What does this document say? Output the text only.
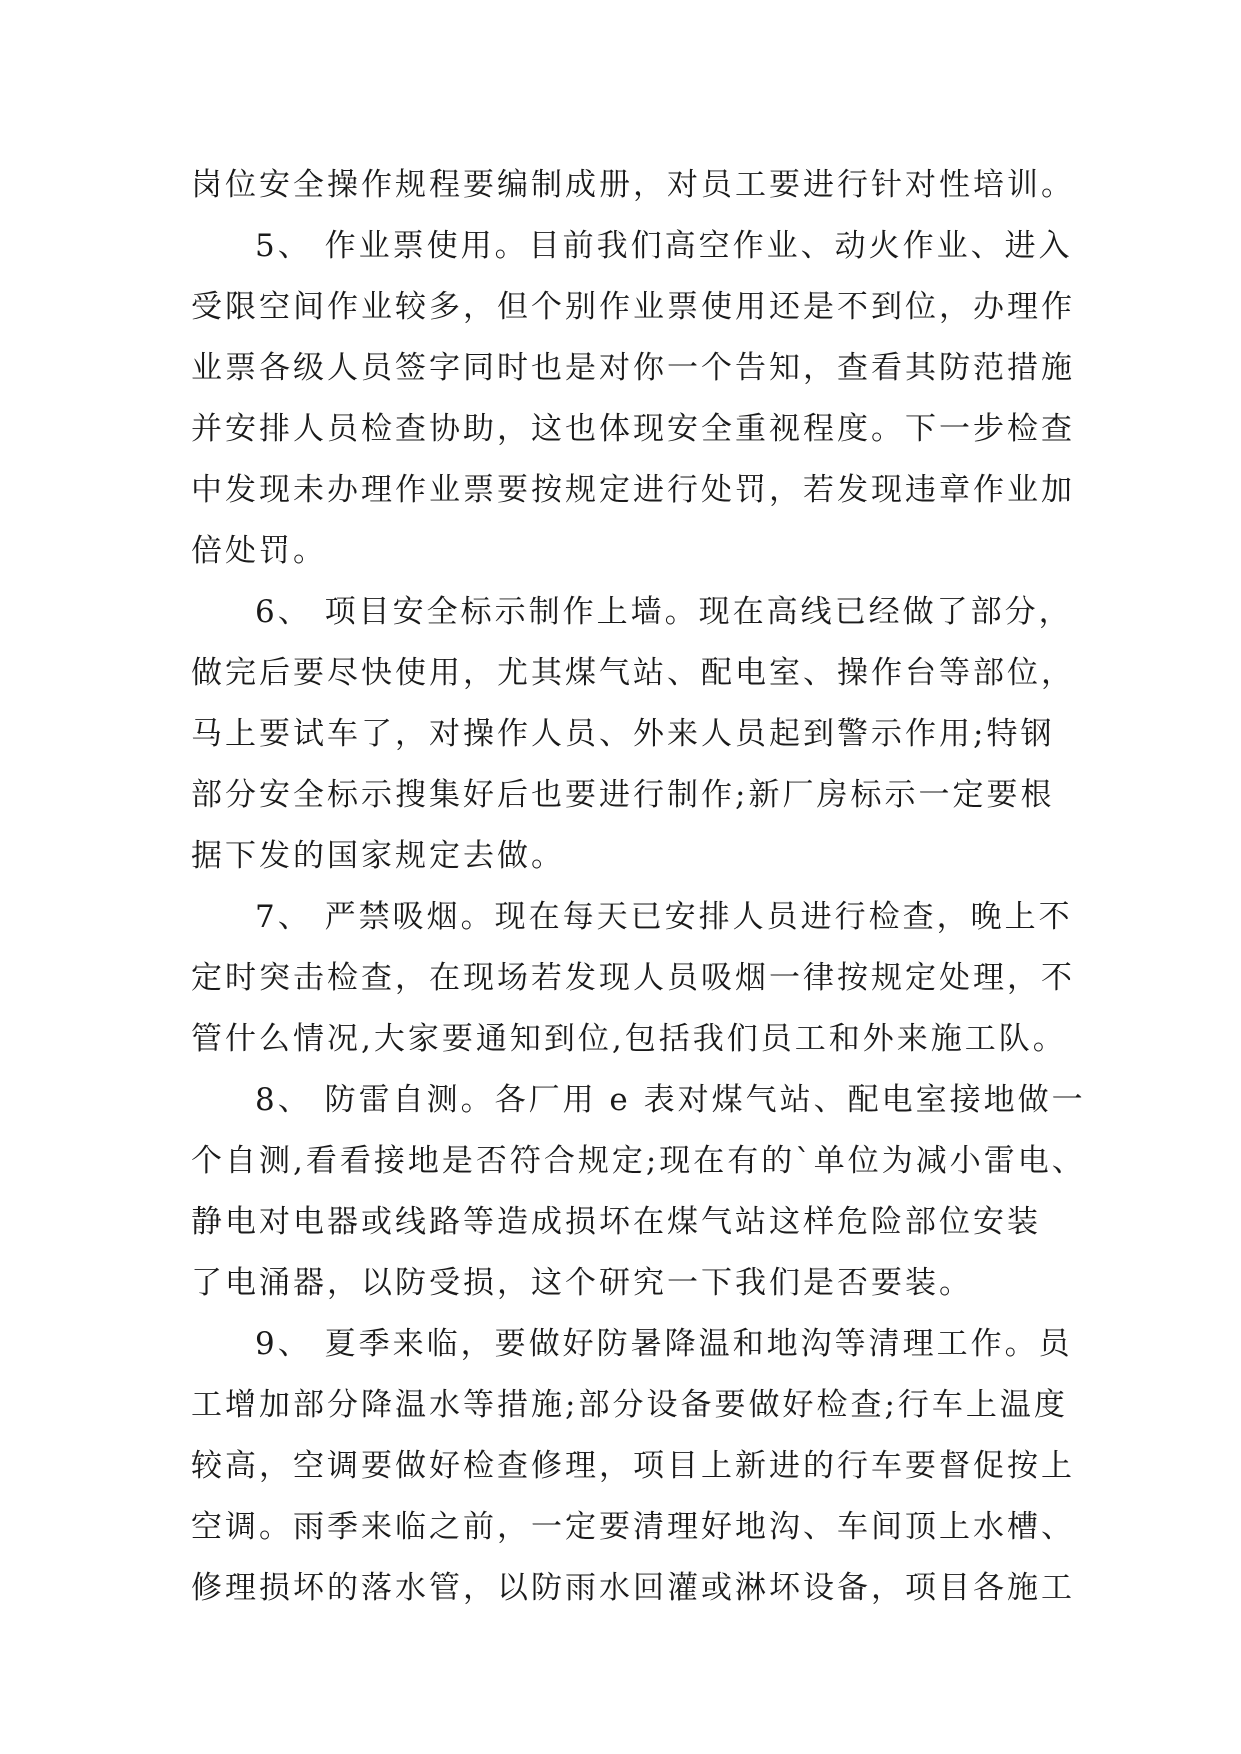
岗位安全操作规程要编制成册，对员工要进行针对性培训。
5、 作业票使用。目前我们高空作业、动火作业、进入
受限空间作业较多，但个别作业票使用还是不到位，办理作
业票各级人员签字同时也是对你一个告知，查看其防范措施
并安排人员检查协助，这也体现安全重视程度。下一步检查
中发现未办理作业票要按规定进行处罚，若发现违章作业加
倍处罚。
6、 项目安全标示制作上墙。现在高线已经做了部分，
做完后要尽快使用，尤其煤气站、配电室、操作台等部位，
马上要试车了，对操作人员、外来人员起到警示作用;特钢
部分安全标示搜集好后也要进行制作;新厂房标示一定要根
据下发的国家规定去做。
7、 严禁吸烟。现在每天已安排人员进行检查，晚上不
定时突击检查，在现场若发现人员吸烟一律按规定处理，不
管什么情况,大家要通知到位,包括我们员工和外来施工队。
8、 防雷自测。各厂用 e 表对煤气站、配电室接地做一
个自测,看看接地是否符合规定;现在有的`单位为减小雷电、
静电对电器或线路等造成损坏在煤气站这样危险部位安装
了电涌器，以防受损，这个研究一下我们是否要装。
9、 夏季来临，要做好防暑降温和地沟等清理工作。员
工增加部分降温水等措施;部分设备要做好检查;行车上温度
较高，空调要做好检查修理，项目上新进的行车要督促按上
空调。雨季来临之前，一定要清理好地沟、车间顶上水槽、
修理损坏的落水管，以防雨水回灌或淋坏设备，项目各施工
